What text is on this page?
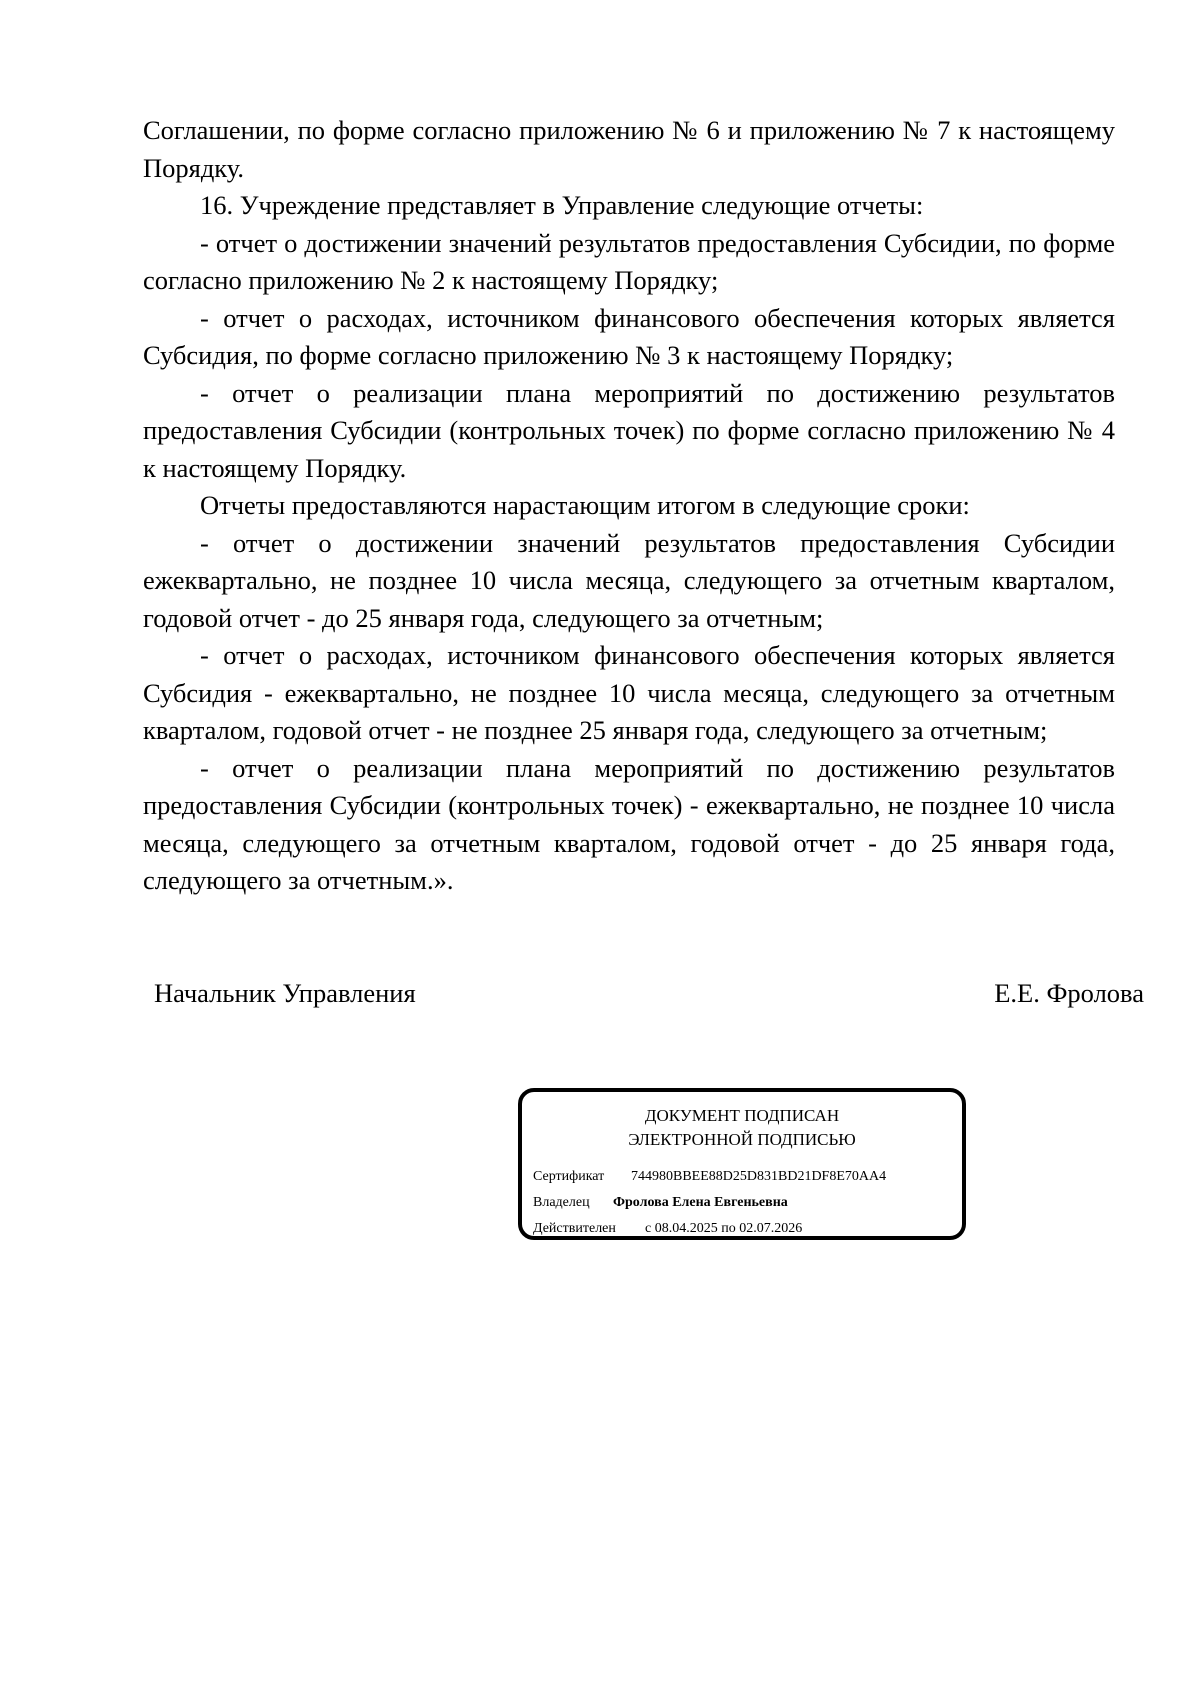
Соглашении, по форме согласно приложению № 6 и приложению № 7 к настоящему Порядку.

16. Учреждение представляет в Управление следующие отчеты:

- отчет о достижении значений результатов предоставления Субсидии, по форме согласно приложению № 2 к настоящему Порядку;

- отчет о расходах, источником финансового обеспечения которых является Субсидия, по форме согласно приложению № 3 к настоящему Порядку;

- отчет о реализации плана мероприятий по достижению результатов предоставления Субсидии (контрольных точек) по форме согласно приложению № 4 к настоящему Порядку.

Отчеты предоставляются нарастающим итогом в следующие сроки:

- отчет о достижении значений результатов предоставления Субсидии ежеквартально, не позднее 10 числа месяца, следующего за отчетным кварталом, годовой отчет - до 25 января года, следующего за отчетным;

- отчет о расходах, источником финансового обеспечения которых является Субсидия - ежеквартально, не позднее 10 числа месяца, следующего за отчетным кварталом, годовой отчет - не позднее 25 января года, следующего за отчетным;

- отчет о реализации плана мероприятий по достижению результатов предоставления Субсидии (контрольных точек) - ежеквартально, не позднее 10 числа месяца, следующего за отчетным кварталом, годовой отчет - до 25 января года, следующего за отчетным.».

Начальник Управления	Е.Е. Фролова
ДОКУМЕНТ ПОДПИСАН
ЭЛЕКТРОННОЙ ПОДПИСЬЮ
Сертификат 744980BBEE88D25D831BD21DF8E70AA4
Владелец Фролова Елена Евгеньевна
Действителен с 08.04.2025 по 02.07.2026
